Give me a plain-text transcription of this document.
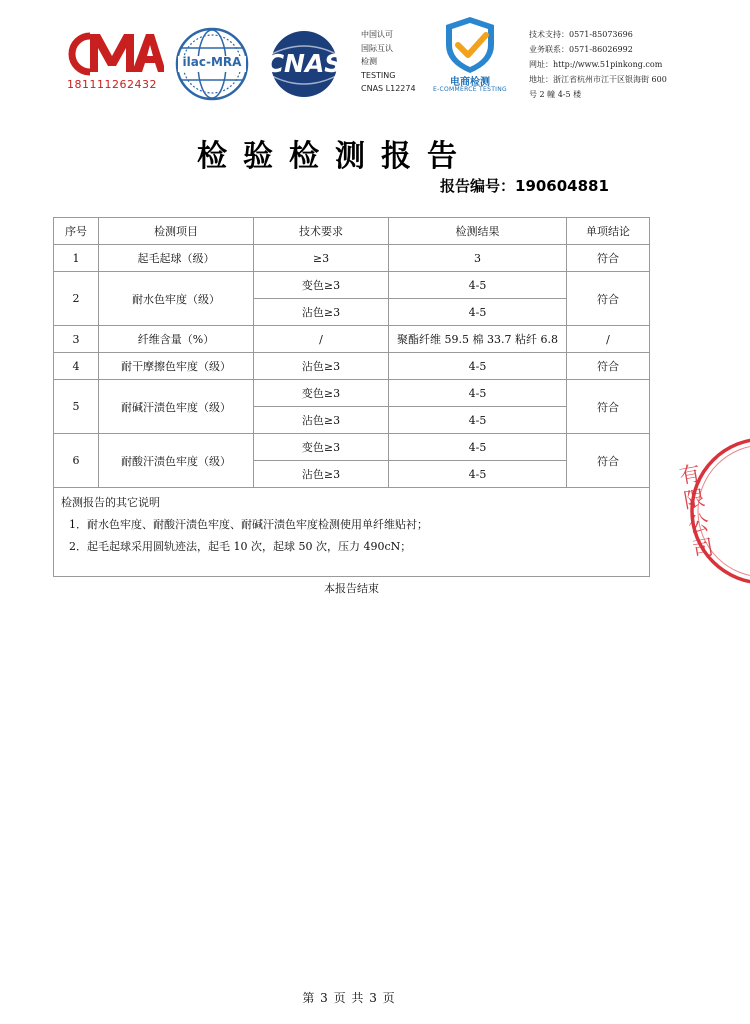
181111262432
ilac-MRA CNAS
中国认可
国际互认
检测
TESTING
CNAS L12274
电商检测
E-COMMERCE TESTING
技术支持：0571-85073696
业务联系：0571-86026992
网址：http://www.51pinkong.com
地址：浙江省杭州市江干区银海街 600
号 2 幢 4-5 楼
检验检测报告
报告编号：190604881
序号	检测项目	技术要求	检测结果	单项结论
1	起毛起球（级）	≥3	3	符合
2	耐水色牢度（级）	变色≥3	4-5	符合
		沾色≥3	4-5	
3	纤维含量（%）	/	聚酯纤维 59.5 棉 33.7 粘纤 6.8	/
4	耐干摩擦色牢度（级）	沾色≥3	4-5	符合
5	耐碱汗渍色牢度（级）	变色≥3	4-5	符合
		沾色≥3	4-5	
6	耐酸汗渍色牢度（级）	变色≥3	4-5	符合
		沾色≥3	4-5	

检测报告的其它说明
1．耐水色牢度、耐酸汗渍色牢度、耐碱汗渍色牢度检测使用单纤维贴衬；
2．起毛起球采用圆轨迹法，起毛 10 次，起球 50 次，压力 490cN；				
本报告结束
有限公司
第 3 页 共 3 页
